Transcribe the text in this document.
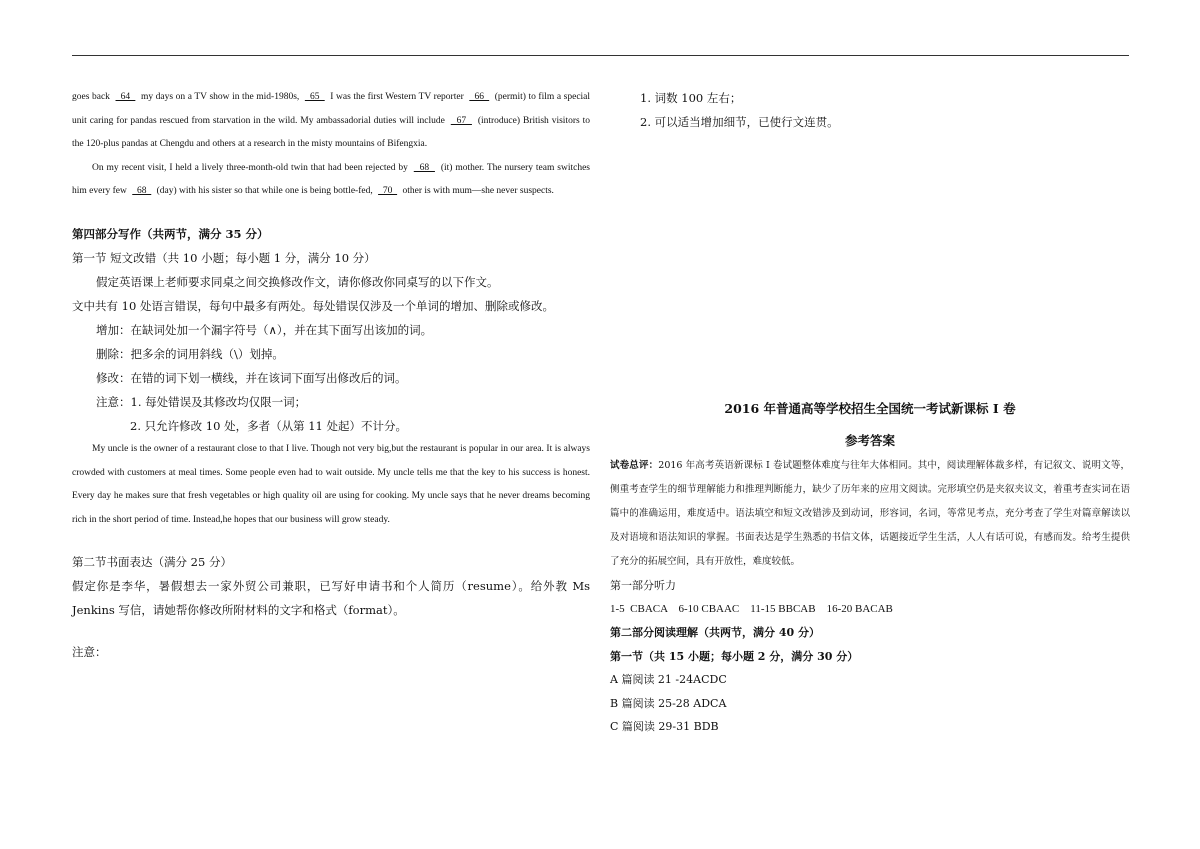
goes back   64   my days on a TV show in the mid-1980s,   65   I was the first Western TV reporter   66   (permit) to film a special unit caring for pandas rescued from starvation in the wild. My ambassadorial duties will include   67   (introduce) British visitors to the 120-plus pandas at Chengdu and others at a research in the misty mountains of Bifengxia.

On my recent visit, I held a lively three-month-old twin that had been rejected by   68   (it) mother. The nursery team switches him every few   68   (day) with his sister so that while one is being bottle-fed,   70   other is with mum—she never suspects.

第四部分写作（共两节，满分 35 分）

第一节 短文改错（共 10 小题；每小题 1 分，满分 10 分）

假定英语课上老师要求同桌之间交换修改作文，请你修改你同桌写的以下作文。

文中共有 10 处语言错误，每句中最多有两处。每处错误仅涉及一个单词的增加、删除或修改。

增加：在缺词处加一个漏字符号（∧），并在其下面写出该加的词。

删除：把多余的词用斜线（\）划掉。

修改：在错的词下划一横线，并在该词下面写出修改后的词。

注意：1. 每处错误及其修改均仅限一词；

2. 只允许修改 10 处，多者（从第 11 处起）不计分。

My uncle is the owner of a restaurant close to that I live. Though not very big,but the restaurant is popular in our area. It is always crowded with customers at meal times. Some people even had to wait outside. My uncle tells me that the key to his success is honest. Every day he makes sure that fresh vegetables or high quality oil are using for cooking. My uncle says that he never dreams becoming rich in the short period of time. Instead,he hopes that our business will grow steady.

第二节书面表达（满分 25 分）

假定你是李华，暑假想去一家外贸公司兼职，已写好申请书和个人简历（resume）。给外教 Ms Jenkins 写信，请她帮你修改所附材料的文字和格式（format）。

注意：

1. 词数 100 左右；

2. 可以适当增加细节，已使行文连贯。

2016 年普通高等学校招生全国统一考试新课标 I 卷

参考答案

试卷总评：2016 年高考英语新课标 I 卷试题整体难度与往年大体相同。其中，阅读理解体裁多样，有记叙文、说明文等，侧重考查学生的细节理解能力和推理判断能力，缺少了历年来的应用文阅读。完形填空仍是夹叙夹议文，着重考查实词在语篇中的准确运用，难度适中。语法填空和短文改错涉及到动词，形容词，名词，等常见考点，充分考查了学生对篇章解读以及对语境和语法知识的掌握。书面表达是学生熟悉的书信文体，话题接近学生生活，人人有话可说，有感而发。给考生提供了充分的拓展空间，具有开放性，难度较低。

第一部分听力

1-5  CBACA    6-10 CBAAC    11-15 BBCAB    16-20 BACAB

第二部分阅读理解（共两节，满分 40 分）

第一节（共 15 小题；每小题 2 分，满分 30 分）

A 篇阅读 21 -24ACDC

B 篇阅读 25-28 ADCA

C 篇阅读 29-31 BDB
